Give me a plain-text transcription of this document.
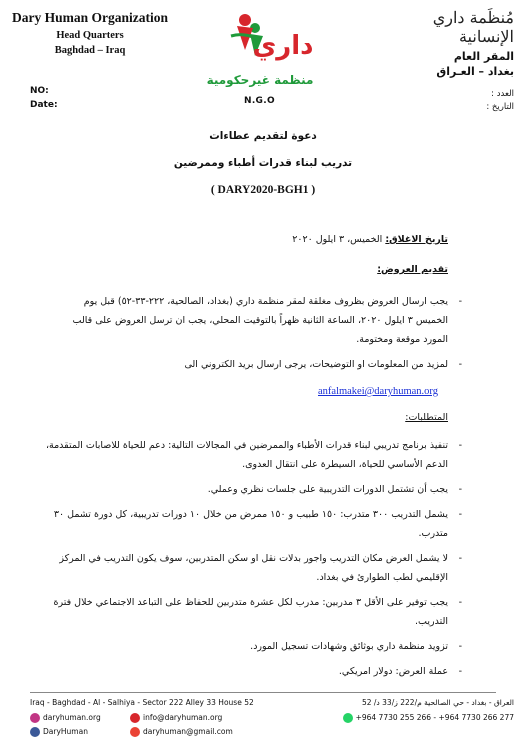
Dary Human Organization
Head Quarters
Baghdad – Iraq	داري
منظمة غيرحكومية
N.G.O
مُنظَمة داري الإنسانية
المقر العام
بغداد – العـراق
NO:
Date:
العدد :
التاريخ :
دعوة لتقديم عطاءات
تدريب لبناء قدرات أطباء وممرضين
( DARY2020-BGH1 )
تاريخ الاغلاق: الخميس، ٣ ايلول ٢٠٢٠
تقديم العروض:
-
يجب ارسال العروض بظروف مغلقة لمقر منظمة داري (بغداد، الصالحية، ٢٢٢-٣٣-٥٢) قبل يوم
الخميس ٣ ايلول ٢٠٢٠، الساعة الثانية ظهراً بالتوقيت المحلي، يجب ان ترسل العروض على قالب
المورد موقعة ومختومة.
-
لمزيد من المعلومات او التوضيحات، يرجى ارسال بريد الكتروني الى
anfalmakei@daryhuman.org
المتطلبات:
-
تنفيذ برنامج تدريبي لبناء قدرات الأطباء والممرضين في المجالات التالية: دعم للحياة للاصابات المتقدمة، الدعم الأساسي للحياة، السيطرة على انتقال العدوى.
-
يجب أن تشتمل الدورات التدريبية على جلسات نظري وعملي.
-
يشمل التدريب ٣٠٠ متدرب: ١٥٠ طبيب و ١٥٠ ممرض من خلال ١٠ دورات تدريبية، كل دورة تشمل ٣٠ متدرب.
-
لا يشمل العرض مكان التدريب واجور بدلات نقل او سكن المتدربين، سوف يكون التدريب في المركز الإقليمي لطب الطوارئ في بغداد.
-
يجب توفير على الأقل ٣ مدربين: مدرب لكل عشرة متدربين للحفاظ على التباعد الاجتماعي خلال فترة التدريب.
-
تزويد منظمة داري بوثائق وشهادات تسجيل المورد.
-
عملة العرض: دولار امريكي.
Iraq - Baghdad - Al - Salhiya - Sector 222 Alley 33 House 52	العراق - بغداد - حي الصالحية م/222 ز/33 د/ 52
daryhuman.org	info@daryhuman.org
DaryHuman	daryhuman@gmail.com
+964 7730 255 266 - +964 7730 266 277
